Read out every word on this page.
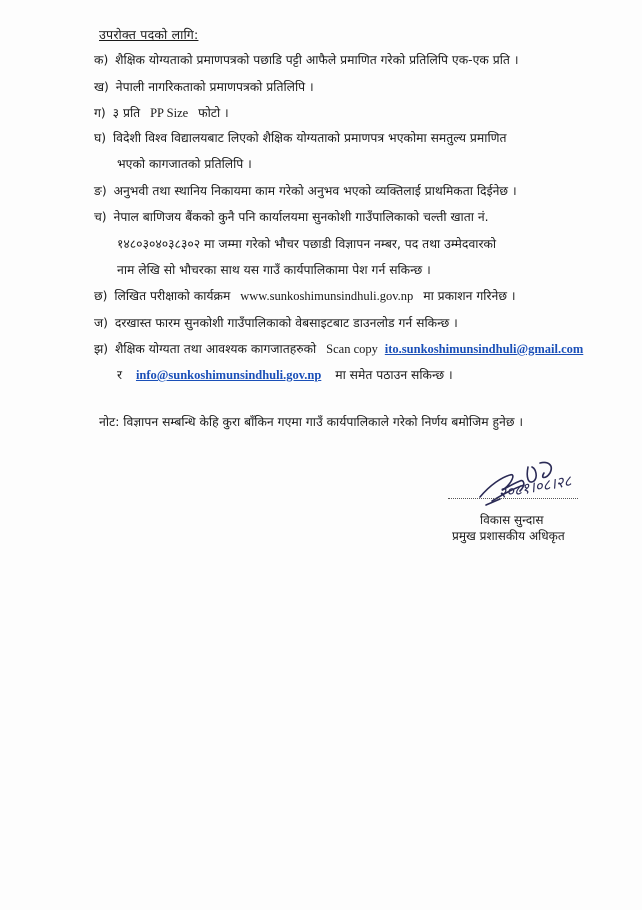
उपरोक्त पदको लागि:
क) शैक्षिक योग्यताको प्रमाणपत्रको पछाडि पट्टी आफैले प्रमाणित गरेको प्रतिलिपि एक-एक प्रति ।
ख) नेपाली नागरिकताको प्रमाणपत्रको प्रतिलिपि ।
ग) ३ प्रति PP Size फोटो ।
घ) विदेशी विश्व विद्यालयबाट लिएको शैक्षिक योग्यताको प्रमाणपत्र भएकोमा समतुल्य प्रमाणित
भएको कागजातको प्रतिलिपि ।
ङ) अनुभवी तथा स्थानिय निकायमा काम गरेको अनुभव भएको व्यक्तिलाई प्राथमिकता दिईनेछ ।
च) नेपाल बाणिजय बैंकको कुनै पनि कार्यालयमा सुनकोशी गाउँपालिकाको चल्ती खाता नं.
१४८०३०४०३८३०२ मा जम्मा गरेको भौचर पछाडी विज्ञापन नम्बर, पद तथा उम्मेदवारको
नाम लेखि सो भौचरका साथ यस गाउँ कार्यपालिकामा पेश गर्न सकिन्छ ।
छ) लिखित परीक्षाको कार्यक्रम www.sunkoshimunsindhuli.gov.np मा प्रकाशन गरिनेछ ।
ज) दरखास्त फारम सुनकोशी गाउँपालिकाको वेबसाइटबाट डाउनलोड गर्न सकिन्छ ।
झ) शैक्षिक योग्यता तथा आवश्यक कागजातहरुको Scan copy ito.sunkoshimunsindhuli@gmail.com
र info@sunkoshimunsindhuli.gov.np मा समेत पठाउन सकिन्छ ।
नोट: विज्ञापन सम्बन्धि केहि कुरा बाँकिन गएमा गाउँ कार्यपालिकाले गरेको निर्णय बमोजिम हुनेछ ।
२०८१।०८।२८
विकास सुन्दास
प्रमुख प्रशासकीय अधिकृत
